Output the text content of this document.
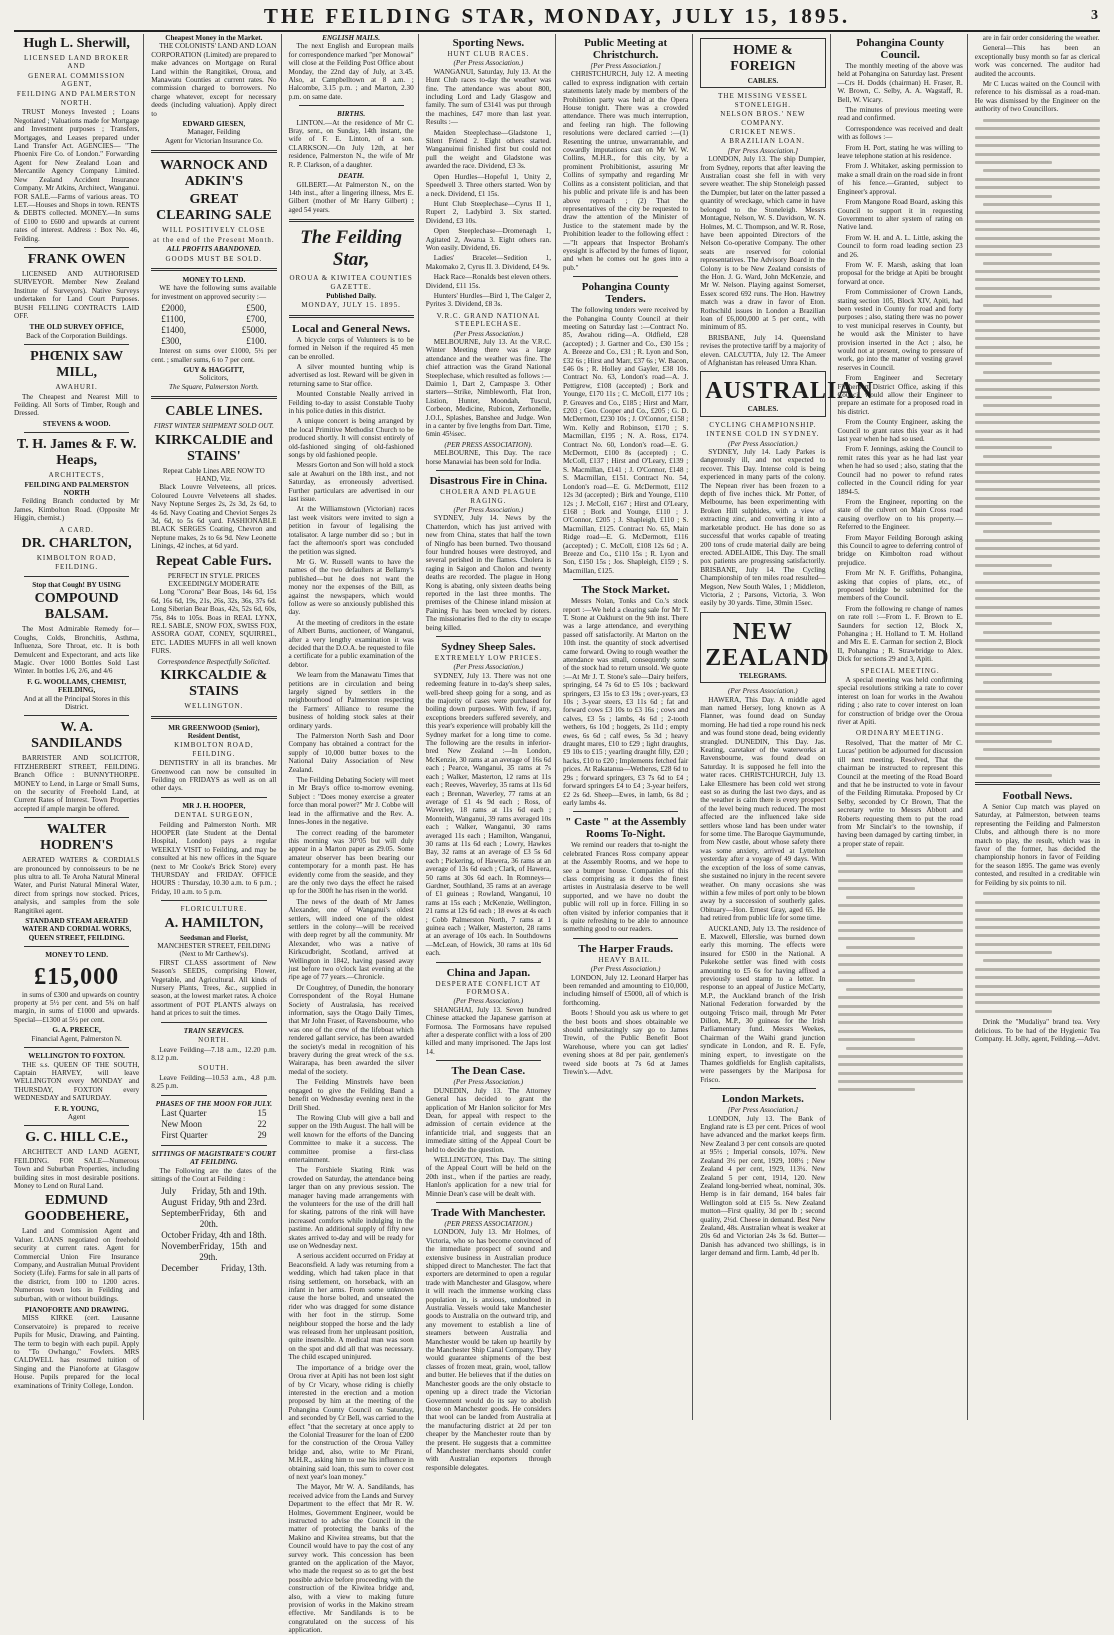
THE FEILDING STAR, MONDAY, JULY 15, 1895.	3
Hugh L. Sherwill,
LICENSED LAND BROKER AND
GENERAL COMMISSION AGENT,
FEILDING AND PALMERSTON
NORTH.
TRUST Moneys Invested ; Loans Negotiated ; Valuations made for Mortgage and Investment purposes ; Transfers, Mortgages, and Leases prepared under Land Transfer Act. AGENCIES— "The Phoenix Fire Co. of London." Forwarding Agent for New Zealand Loan and Mercantile Agency Company Limited. New Zealand Accident Insurance Company. Mr Atkins, Architect, Wanganui. FOR SALE.—Farms of various areas. TO LET.—Houses and Shops in town. RENTS & DEBTS collected. MONEY.—In sums of £100 to £600 and upwards at current rates of interest. Address : Box No. 46, Feilding.
FRANK OWEN
LICENSED AND AUTHORISED SURVEYOR. Member New Zealand Institute of Surveyors). Native Surveys undertaken for Land Court Purposes. BUSH FELLING CONTRACTS LAID OFF.
THE OLD SURVEY OFFICE,
Back of the Corporation Buildings.
PHŒNIX SAW MILL,
AWAHURI.
The Cheapest and Nearest Mill to Feilding. All Sorts of Timber, Rough and Dressed.
STEVENS & WOOD.
T. H. James & F. W. Heaps,
ARCHITECTS,
FEILDING AND PALMERSTON NORTH
Feilding Branch conducted by Mr James, Kimbolton Road. (Opposite Mr Higgin, chemist.)
A CARD.
DR. CHARLTON,
KIMBOLTON ROAD,
FEILDING.
Stop that Cough! BY USING
COMPOUND BALSAM.
The Most Admirable Remedy for— Coughs, Colds, Bronchitis, Asthma, Influenza, Sore Throat, etc. It is both Demulcent and Expectorant, and acts like Magic. Over 1000 Bottles Sold Last Winter. In bottles 1/6, 2/6, and 4/6
F. G. WOOLLAMS, CHEMIST, FEILDING,
And at all the Principal Stores in this District.
W. A. SANDILANDS
BARRISTER AND SOLICITOR, FITZHERBERT STREET, FEILDING. Branch Office : BUNNYTHORPE. MONEY to Lend, in Large or Small Sums, on the security of Freehold Land, at Current Rates of Interest. Town Properties accepted if ample margin be offered.
WALTER HODREN'S
AERATED WATERS & CORDIALS are pronounced by connoisseurs to be ne plus ultra to all. Te Aroha Natural Mineral Water, and Purist Natural Mineral Water, direct from springs now stocked. Prices, analysis, and samples from the sole Rangitikei agent.
STANDARD STEAM AERATED WATER AND CORDIAL WORKS, QUEEN STREET, FEILDING.
MONEY TO LEND.
£15,000
in sums of £300 and upwards on country property at 5½ per cent. and 5¾ on half margin, in sums of £1000 and upwards. Special—£1300 at 5½ per cent.
G. A. PREECE,
Financial Agent, Palmerston N.
WELLINGTON TO FOXTON.
THE s.s. QUEEN OF THE SOUTH, Captain HARVEY, will leave WELLINGTON every MONDAY and THURSDAY, FOXTON every WEDNESDAY and SATURDAY.
F. R. YOUNG,
Agent
G. C. HILL C.E.,
ARCHITECT AND LAND AGENT, FEILDING. FOR SALE—Numerous Town and Suburban Properties, including building sites in most desirable positions. Money to Lend on Rural Land.
EDMUND GOODBEHERE,
Land and Commission Agent and Valuer. LOANS negotiated on freehold security at current rates. Agent for Commercial Union Fire Insurance Company, and Australian Mutual Provident Society (Life). Farms for sale in all parts of the district, from 100 to 1200 acres. Numerous town lots in Feilding and suburban, with or without buildings.
PIANOFORTE AND DRAWING.
MISS KIRKE (cert. Lausanne Conservatoire) is prepared to receive Pupils for Music, Drawing, and Painting. The term to begin with each pupil. Apply to "To Owhango," Fowlers. MRS CALDWELL has resumed tuition of Singing and the Pianoforte at Glasgow House. Pupils prepared for the local examinations of Trinity College, London.
Cheapest Money in the Market.
THE COLONISTS' LAND AND LOAN CORPORATION (Limited) are prepared to make advances on Mortgage on Rural Land within the Rangitikei, Oroua, and Manawatu Counties at current rates. No commission charged to borrowers. No charge whatever, except for necessary deeds (including valuation). Apply direct to
EDWARD GIESEN,
Manager, Feilding
Agent for Victorian Insurance Co.
WARNOCK AND ADKIN'S
GREAT CLEARING SALE
WILL POSITIVELY CLOSE
at the end of the Present Month.
ALL PROFITS ABANDONED.
GOODS MUST BE SOLD.
MONEY TO LEND.
WE have the following sums available for investment on approved security :—
£2000,	£500,
£1100,	£700,
£1400,	£5000,
£300,	£100.
Interest on sums over £1000, 5½ per cent. ; smaller sums, 6 to 7 per cent.
GUY & HAGGITT,
Solicitors,
The Square, Palmerston North.
CABLE LINES.
FIRST WINTER SHIPMENT SOLD OUT.
KIRKCALDIE and STAINS'
Repeat Cable Lines ARE NOW TO HAND, Viz.
Black Louvre Velveteens, all prices. Coloured Louvre Velveteens all shades. Navy Neptune Serges 2s, 2s 3d, 2s 6d, to 4s 6d. Navy Coating and Cheviot Serges 2s 3d, 6d, to 5s 6d yard. FASHIONABLE BLACK SERGES Coating, Chevron and Neptune makes, 2s to 6s 9d. New Leonette Linings, 42 inches, at 6d yard.
Repeat Cable Furs.
PERFECT IN STYLE. PRICES EXCEEDINGLY MODERATE
Long "Corona" Bear Boas, 14s 6d, 15s 6d, 16s 6d, 19s, 21s, 26s, 32s, 36s, 37s 6d. Long Siberian Bear Boas, 42s, 52s 6d, 60s, 75s, 84s to 105s. Boas in REAL LYNX, RE.L SABLE, SNOW FOX, SWISS FOX, ASSORA GOAT, CONEY, SQUIRREL, ETC. LADIES MUFFS in all well known FURS.
Correspondence Respectfully Solicited.
KIRKCALDIE & STAINS
WELLINGTON.
MR GREENWOOD (Senior),
Resident Dentist,
KIMBOLTON ROAD, FEILDING.
DENTISTRY in all its branches. Mr Greenwood can now be consulted in Feilding on FRIDAYS as well as on all other days.
MR J. H. HOOPER,
DENTAL SURGEON,
Feilding and Palmerston North. MR HOOPER (late Student at the Dental Hospital, London) pays a regular WEEKLY VISIT to Feilding, and may be consulted at his new offices in the Square (next to Mr Cooke's Brick Store) every THURSDAY and FRIDAY. OFFICE HOURS : Thursday, 10.30 a.m. to 6 p.m. ; Friday, 10 a.m. to 5 p.m.
FLORICULTURE.
A. HAMILTON,
Seedsman and Florist,
MANCHESTER STREET, FEILDING (Next to Mr Carthew's).
FIRST CLASS assortment of New Season's SEEDS, comprising Flower, Vegetable, and Agricultural. All kinds of Nursery Plants, Trees, &c., supplied in season, at the lowest market rates. A choice assortment of POT PLANTS always on hand at prices to suit the times.
TRAIN SERVICES.
NORTH.
Leave Feilding—7.18 a.m., 12.20 p.m. 8.12 p.m.
SOUTH.
Leave Feilding—10.53 a.m., 4.8 p.m. 8.25 p.m.
PHASES OF THE MOON FOR JULY.
Last Quarter	15
New Moon	22
First Quarter	29
SITTINGS OF MAGISTRATE'S COURT AT FEILDING.
The Following are the dates of the sittings of the Court at Feilding :
July Friday, 5th and 19th.
August Friday, 9th and 23rd.
September Friday, 6th and 20th.
October Friday, 4th and 18th.
November Friday, 15th and 29th.
December	Friday, 13th.
ENGLISH MAILS.
The next English and European mails for correspondence marked "per Monowai" will close at the Feilding Post Office about Monday, the 22nd day of July, at 3.45. Also, at Campbelltown at 8 a.m. ; Halcombe, 3.15 p.m. ; and Marton, 2.30 p.m. on same date.
BIRTHS.
LINTON.—At the residence of Mr C. Bray, senr., on Sunday, 14th instant, the wife of F. E. Linton, of a son. CLARKSON.—On July 12th, at her residence, Palmerston N., the wife of Mr R. P. Clarkson, of a daughter.
DEATH.
GILBERT.—At Palmerston N., on the 14th inst., after a lingering illness, Mrs E. Gilbert (mother of Mr Harry Gilbert) ; aged 54 years.
The Feilding Star,
OROUA & KIWITEA COUNTIES GAZETTE.
Published Daily.
MONDAY, JULY 15. 1895.
Local and General News.
A bicycle corps of Volunteers is to be formed in Nelson if the required 45 men can be enrolled.
A silver mounted hunting whip is advertised as lost. Reward will be given in returning same to Star office.
Mounted Constable Neally arrived in Feilding to-day to assist Constable Tuohy in his police duties in this district.
A unique concert is being arranged by the local Primitive Methodist Church to be produced shortly. It will consist entirely of old-fashioned singing of old-fashioned songs by old fashioned people.
Messrs Gorton and Son will hold a stock sale at Awahuri on the 18th inst., and not Saturday, as erroneously advertised. Further particulars are advertised in our last issue.
At the Williamstown (Victorian) races last week visitors were invited to sign a petition in favour of legalising the totalisator. A large number did so ; but in fact the afternoon's sport was concluded the petition was signed.
Mr G. W. Russell wants to have the names of the two defaulters at Bellamy's published—but he does not want the money nor the expenses of the Bill, as against the newspapers, which would follow as were so anxiously published this day.
At the meeting of creditors in the estate of Albert Burns, auctioneer, of Wanganui, after a very lengthy examination it was decided that the D.O.A. be requested to file a certificate for a public examination of the debtor.
We learn from the Manawatu Times that petitions are in circulation and being largely signed by settlers in the neighbourhood of Palmerston respecting the Farmers' Alliance to resume the business of holding stock sales at their ordinary yards.
The Palmerston North Sash and Door Company has obtained a contract for the supply of 10,000 butter boxes to the National Dairy Association of New Zealand.
The Feilding Debating Society will meet in Mr Bray's office to-morrow evening. Subject : "Does money exercise a greater force than moral power?" Mr J. Cobbe will lead in the affirmative and the Rev. A. Innes-Jones in the negative.
The correct reading of the barometer this morning was 30°05 but will duly appear in a Marton paper as 29.05. Some amateur observer has been bearing our contemporary for a month past. He has evidently come from the seaside, and they are the only two days the effect he raised up for the 300ft he has risen in the world.
The news of the death of Mr James Alexander, one of Wanganui's oldest settlers, will indeed one of the oldest settlers in the colony—will be received with deep regret by all the community. Mr Alexander, who was a native of Kirkcudbright, Scotland, arrived at Wellington in 1842, having passed away just before two o'clock last evening at the ripe age of 77 years.—Chronicle.
Dr Coughtrey, of Dunedin, the honorary Correspondent of the Royal Humane Society of Australasia, has received information, says the Otago Daily Times, that Mr John Fraser, of Ravensbourne, who was one of the crew of the lifeboat which rendered gallant service, has been awarded the society's medal in recognition of his bravery during the great wreck of the s.s. Wairarapa, has been awarded the silver medal of the society.
The Feilding Minstrels have been engaged to give the Feilding Band a benefit on Wednesday evening next in the Drill Shed.
The Rowing Club will give a ball and supper on the 19th August. The hall will be well known for the efforts of the Dancing Committee to make it a success. The committee promise a first-class entertainment.
The Forshiele Skating Rink was crowded on Saturday, the attendance being larger than on any previous session. The manager having made arrangements with the volunteers for the use of the drill hall for skating, patrons of the rink will have increased comforts while indulging in the pastime. An additional supply of fifty new skates arrived to-day and will be ready for use on Wednesday next.
A serious accident occurred on Friday at Beaconsfield. A lady was returning from a wedding, which had taken place in that rising settlement, on horseback, with an infant in her arms. From some unknown cause the horse bolted, and unseated the rider who was dragged for some distance with her foot in the stirrup. Some neighbour stopped the horse and the lady was released from her unpleasant position, quite insensible. A medical man was soon on the spot and did all that was necessary. The child escaped uninjured.
The importance of a bridge over the Oroua river at Apiti has not been lost sight of by Cr Vicary, whose riding is chiefly interested in the erection and a motion proposed by him at the meeting of the Pohangina County Council on Saturday, and seconded by Cr Bell, was carried to the effect "that the secretary at once apply to the Colonial Treasurer for the loan of £200 for the construction of the Oroua Valley bridge and, also, write to Mr Pirani, M.H.R., asking him to use his influence in obtaining said loan, this sum to cover cost of next year's loan money."
The Mayor, Mr W. A. Sandilands, has received advice from the Lands and Survey Department to the effect that Mr R. W. Holmes, Government Engineer, would be instructed to advise the Council in the matter of protecting the banks of the Makino and Kiwitea streams, but that the Council would have to pay the cost of any survey work. This concession has been granted on the application of the Mayor, who made the request so as to get the best possible advice before proceeding with the construction of the Kiwitea bridge and, also, with a view to making future provision of works in the Makino stream effective. Mr Sandilands is to be congratulated on the success of his application.
Sporting News.
HUNT CLUB RACES.
(Per Press Association.)
WANGANUI, Saturday, July 13. At the Hunt Club races to-day the weather was fine. The attendance was about 800, including Lord and Lady Glasgow and family. The sum of £3141 was put through the machines, £47 more than last year. Results :—
Maiden Steeplechase—Gladstone 1, Silent Friend 2. Eight others started. Wanganuinui finished first but could not pull the weight and Gladstone was awarded the race. Dividend, £3 3s.
Open Hurdles—Hopeful 1, Unity 2, Speedwell 3. Three others started. Won by a neck. Dividend, £1 15s.
Hunt Club Steeplechase—Cyrus II 1, Rupert 2, Ladybird 3. Six started. Dividend, £3 10s.
Open Steeplechase—Dromenagh 1, Agitated 2, Awarua 3. Eight others ran. Won easily. Dividend, £6.
Ladies' Bracelet—Sedition 1, Makomako 2, Cyrus II. 3. Dividend, £4 9s.
Hack Race—Ronalds best eleven others. Dividend, £11 15s.
Hunters' Hurdles—Bird 1, The Calger 2, Pyrites 3. Dividend, £8 3s.
V.R.C. GRAND NATIONAL STEEPLECHASE.
(Per Press Association.)
MELBOURNE, July 13. At the V.R.C. Winter Meeting there was a large attendance and the weather was fine. The chief attraction was the Grand National Steeplechase, which resulted as follows :—Daimio 1, Dart 2, Campaspe 3. Other starters—Strike, Nimbleworth, Flat Iron, Listion, Hunter, Moondah, Tuscul, Corbeon, Medicine, Rubicon, Zerhonelle, J.O.I., Splashes, Banshee and Judge. Won in a canter by five lengths from Dart. Time, 6min 45¼sec.
(PER PRESS ASSOCIATION).
MELBOURNE, This Day. The race horse Manawiai has been sold for India.
Disastrous Fire in China.
CHOLERA AND PLAGUE RAGING.
(Per Press Association.)
SYDNEY, July 14. News by the Chatterdon, which has just arrived with new from China, states that half the town of Ningfo has been burned. Two thousand four hundred houses were destroyed, and several perished in the flames. Cholera is raging in Saigon and Cholon and twenty deaths are recorded. The plague in Hong Kong is abating, only sixteen deaths being reported in the last three months. The premises of the Chinese inland mission at Paining Fu has been wrecked by rioters. The missionaries fled to the city to escape being killed.
Sydney Sheep Sales.
EXTREMELY LOW PRICES.
(Per Press Association.)
SYDNEY, July 13. There was not one redeeming feature in to-day's sheep sales, well-bred sheep going for a song, and as the majority of cases were purchased for boiling down purposes. With few, if any, exceptions breeders suffered severely, and this year's experience will probably kill the Sydney market for a long time to come. The following are the results in inferior-bred New Zealand :—In London, McKenzie, 30 rams at an average of 16s 6d each ; Pearce, Wanganui, 35 rams at 7s each ; Walker, Masterton, 12 rams at 11s each ; Reeves, Waverley, 35 rams at 11s 6d each ; Brennan, Waverley, 77 rams at an average of £1 4s 9d each ; Ross, of Waverley, 18 rams at 11s 6d each ; Monteith, Wanganui, 39 rams averaged 10s each ; Walker, Wanganui, 30 rams averaged 11s each ; Hamilton, Wanganui, 30 rams at 11s 6d each ; Lowry, Hawkes Bay, 32 rams at an average of £3 5s 6d each ; Pickering, of Hawera, 36 rams at an average of 13s 6d each ; Clark, of Hawera, 50 rams at 30s 6d each. In Romneys—Gardner, Southland, 35 rams at an average of £1 guineas ; Rowland, Wanganui, 10 rams at 15s each ; McKenzie, Wellington, 21 rams at 12s 6d each ; 18 ewes at 4s each ; Cobb Palmerston North, 7 rams at 1 guinea each ; Walker, Masterton, 28 rams at an average of 10s each. In Southdowns—McLean, of Howick, 30 rams at 10s 6d each.
China and Japan.
DESPERATE CONFLICT AT FORMOSA.
(Per Press Association.)
SHANGHAI, July 13. Seven hundred Chinese attacked the Japanese garrison at Formosa. The Formosans have repulsed after a desperate conflict with a loss of 200 killed and many imprisoned. The Japs lost 14.
The Dean Case.
(Per Press Association.)
DUNEDIN, July 13. The Attorney General has decided to grant the application of Mr Hanlon solicitor for Mrs Dean, for appeal with respect to the admission of certain evidence at the infanticide trial, and suggests that an immediate sitting of the Appeal Court be held to decide the question.
WELLINGTON, This Day. The sitting of the Appeal Court will be held on the 20th inst., when if the parties are ready, Hanlon's application for a new trial for Minnie Dean's case will be dealt with.
Trade With Manchester.
(PER PRESS ASSOCIATION.)
LONDON, July 13. Mr Holmes, of Victoria, who so has become convinced of the immediate prospect of sound and extensive business in Australian produce shipped direct to Manchester. The fact that exporters are determined to open a regular trade with Manchester and Glasgow, where it will reach the immense working class population in, is anxious, undoubted in Australia. Vessels would take Manchester goods to Australia on the outward trip, and any movement to establish a line of steamers between Australia and Manchester would be taken up heartily by the Manchester Ship Canal Company. They would guarantee shipments of the best classes of frozen meat, grain, wool, tallow and butter. He believes that if the duties on Manchester goods are the only obstacle to opening up a direct trade the Victorian Government would do its say to abolish those on Manchester goods. He considers that wool can be landed from Australia at the manufacturing district at 2d per ton cheaper by the Manchester route than by the present. He suggests that a committee of Manchester merchants should confer with Australian exporters through responsible delegates.
Public Meeting at Christchurch.
[Per Press Association.]
CHRISTCHURCH, July 12. A meeting called to express indignation with certain statements lately made by members of the Prohibition party was held at the Opera House tonight. There was a crowded attendance. There was much interruption, and feeling ran high. The following resolutions were declared carried :—(1) Resenting the untrue, unwarrantable, and cowardly imputations cast on Mr W. W. Collins, M.H.R., for this city, by a prominent Prohibitionist, assuring Mr Collins of sympathy and regarding Mr Collins as a consistent politician, and that his public and private life is and has been above reproach ; (2) That the representatives of the city be requested to draw the attention of the Minister of Justice to the statement made by the Prohibition leader to the following effect :—"It appears that Inspector Broham's eyesight is affected by the fumes of liquor, and when he comes out he goes into a pub."
Pohangina County Tenders.
The following tenders were received by the Pohangina County Council at their meeting on Saturday last :—Contract No. 85, Awahou riding—A. Oldfield, £28 (accepted) ; J. Gartner and Co., £30 15s ; A. Breeze and Co., £31 ; R. Lyon and Son, £32 6s ; Hirst and Marr, £37 6s ; W. Bacon, £46 0s ; R. Holley and Gayler, £38 10s. Contract No. 63, London's road—A. J. Pettigrew, £108 (accepted) ; Bork and Younge, £170 11s ; C. McColl, £177 10s ; P. Greaves and Co., £185 ; Hirst and Marr, £203 ; Geo. Cooper and Co., £205 ; G. D. McDermott, £230 10s ; J. O'Connor, £158 ; Wm. Kelly and Robinson, £170 ; S. Macmillan, £195 ; N. A. Ross, £174. Contract No. 60, London's road—E. G. McDermott, £100 8s (accepted) ; C. McColl, £137 ; Hirst and O'Leary, £139 ; S. Macmillan, £141 ; J. O'Connor, £148 ; S. Macmillan, £151. Contract No. 54, London's road—E. G. McDermott, £112 12s 3d (accepted) ; Birk and Younge, £110 12s ; J. McColl, £167 ; Hirst and O'Leary, £168 ; Bork and Younge, £110 ; J. O'Connor, £205 ; J. Shapleigh, £110 ; S. Macmillan, £125. Contract No. 65, Main Ridge road—E. G. McDermott, £116 (accepted) ; C. McColl, £108 12s 6d ; A. Breeze and Co., £110 15s ; R. Lyon and Son, £150 15s ; Jos. Shapleigh, £159 ; S. Macmillan, £125.
The Stock Market.
Messrs Nolan, Tonks and Co.'s stock report :—We held a clearing sale for Mr T. T. Stone at Oakhurst on the 9th inst. There was a large attendance, and everything passed off satisfactorily. At Marton on the 10th inst. the quantity of stock advertised came forward. Owing to rough weather the attendance was small, consequently some of the stock had to return unsold. We quote :—At Mr J. T. Stone's sale—Dairy heifers, springing, £4 7s 6d to £5 10s ; backward springers, £3 15s to £3 19s ; over-years, £3 10s ; 3-year steers, £3 11s 6d ; fat and forward cows £3 10s to £3 16s ; cows and calves, £3 5s ; lambs, 4s 6d ; 2-tooth wethers, 6s 10d ; hoggets, 2s 11d ; empty ewes, 6s 6d ; calf ewes, 5s 3d ; heavy draught mares, £10 to £29 ; light draughts, £9 10s to £15 ; yearling draught filly, £20 ; hacks, £10 to £20 ; Implements fetched fair prices. At Rakatanua—Wetheres, £28 6d to 29s ; forward springers, £3 7s 6d to £4 ; forward springers £4 to £4 ; 3-year heifers, £2 2s 6d. Sheep—Ewes, in lamb, 6s 8d ; early lambs 4s.
" Caste " at the Assembly Rooms To-Night.
We remind our readers that to-night the celebrated Frances Ross company appear at the Assembly Rooms, and we hope to see a bumper house. Companies of this class comprising as it does the finest artistes in Australasia deserve to be well supported, and we have no doubt the public will roll up in force. Filling in so often visited by inferior companies that it is quite refreshing to be able to announce something good to our readers.
The Harper Frauds.
HEAVY BAIL.
(Per Press Association.)
LONDON, July 12. Leonard Harper has been remanded and amounting to £10,000, including himself of £5000, all of which is forthcoming.
Boots ! Should you ask us where to get the best boots and shoes obtainable we should unhesitatingly say go to James Trewin, of the Public Benefit Boot Warehouse, where you can get ladies' evening shoes at 8d per pair, gentlemen's tweed side boots at 7s 6d at James Trewin's.—Advt.
HOME & FOREIGN
CABLES.
THE MISSING VESSEL STONELEIGH.
NELSON BROS.' NEW COMPANY.
CRICKET NEWS.
A BRAZILIAN LOAN.
[Per Press Association.]
LONDON, July 13. The ship Dumpier, from Sydney, reports that after leaving the Australian coast she fell in with very severe weather. The ship Stoneleigh passed the Dumpier, but later on the latter passed a quantity of wreckage, which came in have belonged to the Stoneleigh. Messrs Montague, Nelson, W. S. Davidson, W. N. Holmes, M. C. Thompson, and W. R. Rose, have been appointed Directors of the Nelson Co-operative Company. The other seats are reserved for colonial representatives. The Advisory Board in the Colony is to be New Zealand consists of the Hon. J. G. Ward, John McKenzie, and Mr W. Nelson. Playing against Somerset, Essex scored 692 runs. The Hon. Hawtrey match was a draw in favor of Eton. Rothschild issues in London a Brazilian loan of £6,000,000 at 5 per cent., with minimum of 85.
BRISBANE, July 14. Queensland revises the protective tariff by a majority of eleven. CALCUTTA, July 12. The Ameer of Afghanistan has released Umra Khan.
AUSTRALIAN
CABLES.
CYCLING CHAMPIONSHIP.
INTENSE COLD IN SYDNEY.
(Per Press Association.)
SYDNEY, July 14. Lady Parkes is dangerously ill, and not expected to recover. This Day. Intense cold is being experienced in many parts of the colony. The Nepean river has been frozen to a depth of five inches thick. Mr Potter, of Melbourne, has been experimenting with Broken Hill sulphides, with a view of extracting zinc, and converting it into a marketable product. He has done so as successful that works capable of treating 200 tons of crude material daily are being erected. ADELAIDE, This Day. The small pox patients are progressing satisfactorily. BRISBANE, July 14. The Cycling Championship of ten miles road resulted—Megson, New South Wales, 1 ; Middleton, Victoria, 2 ; Parsons, Victoria, 3. Won easily by 30 yards. Time, 30min 15sec.
NEW ZEALAND
TELEGRAMS.
(Per Press Association.)
HAWERA, This Day. A middle aged man named Hersey, long known as A Flanner, was found dead on Sunday morning. He had tied a rope round his neck and was found stone dead, being evidently strangled. DUNEDIN, This Day. Jas. Keating, caretaker of the waterworks at Ravensbourne, was found dead on Saturday. It is supposed he fell into the water races. CHRISTCHURCH, July 13. Lake Ellesmere has been cold wet strong east so as during the last two days, and as the weather is calm there is every prospect of the level being much reduced. The most affected are the influenced lake side settlers whose land has been under water for some time. The Baroque Gaymumunde, from New castle, about whose safety there was some anxiety, arrived at Lyttelton yesterday after a voyage of 49 days. With the exception of the loss of some canvas, she sustained no injury in the recent severe weather. On many occasions she was within a few miles of port only to be blown away by a succession of southerly gales. Obituary—Hon. Ernest Gray, aged 65. He had retired from public life for some time.
AUCKLAND, July 13. The residence of E. Maxwell, Ellerslie, was burned down early this morning. The effects were insured for £500 in the National. A Pukekohe settler was fined with costs amounting to £5 6s for having affixed a previously used stamp to a letter. In response to an appeal of Justice McCarty, M.P., the Auckland branch of the Irish National Federation forwarded by the outgoing 'Frisco mail, through Mr Peter Dillon, M.P., 30 guineas for the Irish Parliamentary fund. Messrs Weekes, Chairman of the Waihi grand junction syndicate in London, and R. E. Fyfe, mining expert, to investigate on the Thames goldfields for English capitalists, were passengers by the Mariposa for Frisco.
London Markets.
[Per Press Association.]
LONDON, July 13. The Bank of England rate is £3 per cent. Prices of wool have advanced and the market keeps firm. New Zealand 3 per cent consols are quoted at 95½ ; Imperial consols, 107¾. New Zealand 3½ per cent, 1929, 108½ ; New Zealand 4 per cent, 1929, 113¼. New Zealand 5 per cent, 1914, 120. New Zealand long-berried wheat, nominal, 30s. Hemp is in fair demand, 164 bales fair Wellington sold at £15 5s. New Zealand mutton—First quality, 3d per lb ; second quality, 2½d. Cheese in demand. Best New Zealand, 48s. Australian wheat is weaker at 20s 6d and Victorian 24s 3s 6d. Butter—Danish has advanced two shillings, is in larger demand and firm. Lamb, 4d per lb.
Pohangina County Council.
The monthly meeting of the above was held at Pohangina on Saturday last. Present—Crs H. Dodds (chairman) H. Fraser, R. W. Brown, C. Selby, A. A. Wagstaff, R. Bell, W. Vicary.
The minutes of previous meeting were read and confirmed.
Correspondence was received and dealt with as follows :—
From H. Port, stating he was willing to leave telephone station at his residence.
From J. Whitaker, asking permission to make a small drain on the road side in front of his fence.—Granted, subject to Engineer's approval.
From Mangone Road Board, asking this Council to support it in requesting Government to alter system of rating on Native land.
From W. H. and A. L. Little, asking the Council to form road leading section 23 and 26.
From W. F. Marsh, asking that loan proposal for the bridge at Apiti be brought forward at once.
From Commissioner of Crown Lands, stating section 105, Block XIV, Apiti, had been vested in County for road and forty purposes ; also, stating there was no power to vest municipal reserves in County, but he would ask the Minister to have provision inserted in the Act ; also, he would not at present, owing to pressure of work, go into the matter of vesting gravel reserves in Council.
From Engineer and Secretary Fitzherbert District Office, asking if this Council would allow their Engineer to prepare an estimate for a proposed road in his district.
From the County Engineer, asking the Council to grant rates this year as it had last year when he had so used.
From F. Jennings, asking the Council to remit rates this year as he had last year when he had so used ; also, stating that the Council had no power to refund rates collected in the Council riding for year 1894-5.
From the Engineer, reporting on the state of the culvert on Main Cross road causing overflow on to his property.—Referred to the Engineer.
From Mayor Feilding Borough asking this Council to agree to deferring control of bridge on Kimbolton road without prejudice.
From Mr N. F. Griffiths, Pohangina, asking that copies of plans, etc., of proposed bridge be submitted for the members of the Council.
From the following re change of names on rate roll :—From L. F. Brown to E. Saunders for section 12, Block X, Pohangina ; H. Holland to T. M. Holland and Mrs E. E. Carman for section 2, Block II, Pohangina ; R. Strawbridge to Alex. Dick for sections 29 and 3, Apiti.
SPECIAL MEETING.
A special meeting was held confirming special resolutions striking a rate to cover interest on loan for works in the Awahou riding ; also rate to cover interest on loan for construction of bridge over the Oroua river at Apiti.
ORDINARY MEETING.
Resolved, That the matter of Mr C. Lucas' petition be adjourned for discussion till next meeting. Resolved, That the chairman be instructed to represent this Council at the meeting of the Road Board and that he be instructed to vote in favour of the Feilding Rimutaka. Proposed by Cr Selby, seconded by Cr Brown, That the secretary write to Messrs Abbott and Roberts requesting them to put the road from Mr Sinclair's to the township, if having been damaged by carting timber, in a proper state of repair.
are in fair order considering the weather.
General—This has been an exceptionally busy month so far as clerical work was concerned. The auditor had audited the accounts.
Mr C Lucas waited on the Council with reference to his dismissal as a road-man. He was dismissed by the Engineer on the authority of two Councillors.
Football News.
A Senior Cup match was played on Saturday, at Palmerston, between teams representing the Feilding and Palmerston Clubs, and although there is no more match to play, the result, which was in favor of the former, has decided the championship honors in favor of Feilding for the season 1895. The game was evenly contested, and resulted in a creditable win for Feilding by six points to nil.
Drink the "Mudaliya" brand tea. Very delicious. To be had of the Hygienic Tea Company. H. Jolly, agent, Feilding.—Advt.
